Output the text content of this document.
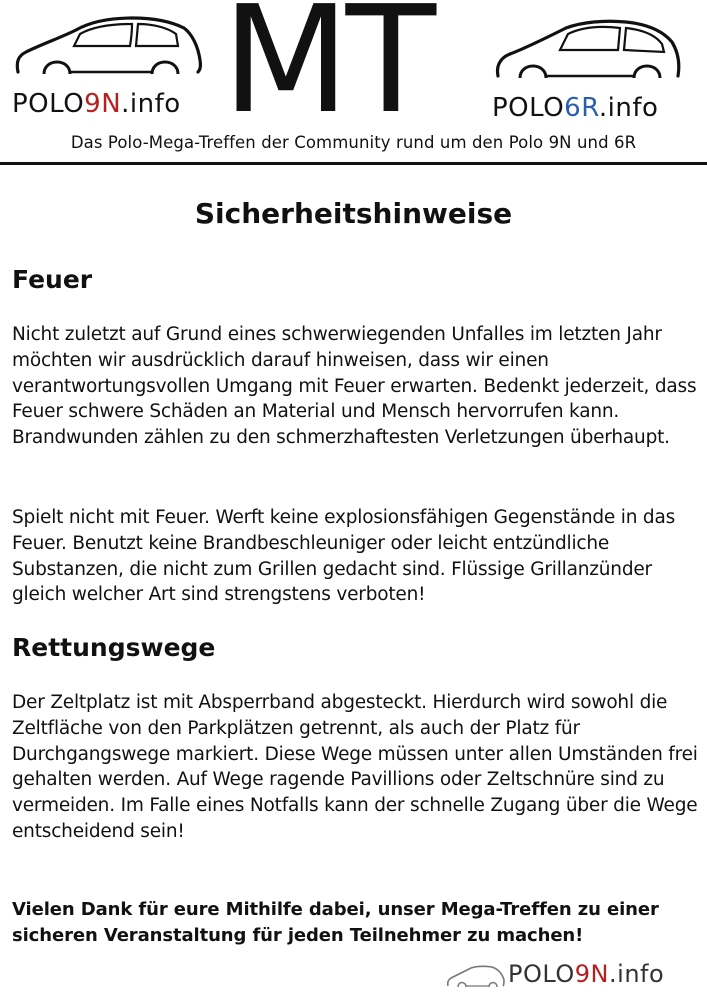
POLO9N.info MT POLO6R.info
Das Polo-Mega-Treffen der Community rund um den Polo 9N und 6R
Sicherheitshinweise
Feuer

Nicht zuletzt auf Grund eines schwerwiegenden Unfalles im letzten Jahr möchten wir ausdrücklich darauf hinweisen, dass wir einen verantwortungsvollen Umgang mit Feuer erwarten. Bedenkt jederzeit, dass Feuer schwere Schäden an Material und Mensch hervorrufen kann. Brandwunden zählen zu den schmerzhaftesten Verletzungen überhaupt.

Spielt nicht mit Feuer. Werft keine explosionsfähigen Gegenstände in das Feuer. Benutzt keine Brandbeschleuniger oder leicht entzündliche Substanzen, die nicht zum Grillen gedacht sind. Flüssige Grillanzünder gleich welcher Art sind strengstens verboten!

Rettungswege

Der Zeltplatz ist mit Absperrband abgesteckt. Hierdurch wird sowohl die Zeltfläche von den Parkplätzen getrennt, als auch der Platz für Durchgangswege markiert. Diese Wege müssen unter allen Umständen frei gehalten werden. Auf Wege ragende Pavillions oder Zeltschnüre sind zu vermeiden. Im Falle eines Notfalls kann der schnelle Zugang über die Wege entscheidend sein!

Vielen Dank für eure Mithilfe dabei, unser Mega-Treffen zu einer sicheren Veranstaltung für jeden Teilnehmer zu machen!

POLO9N.info
